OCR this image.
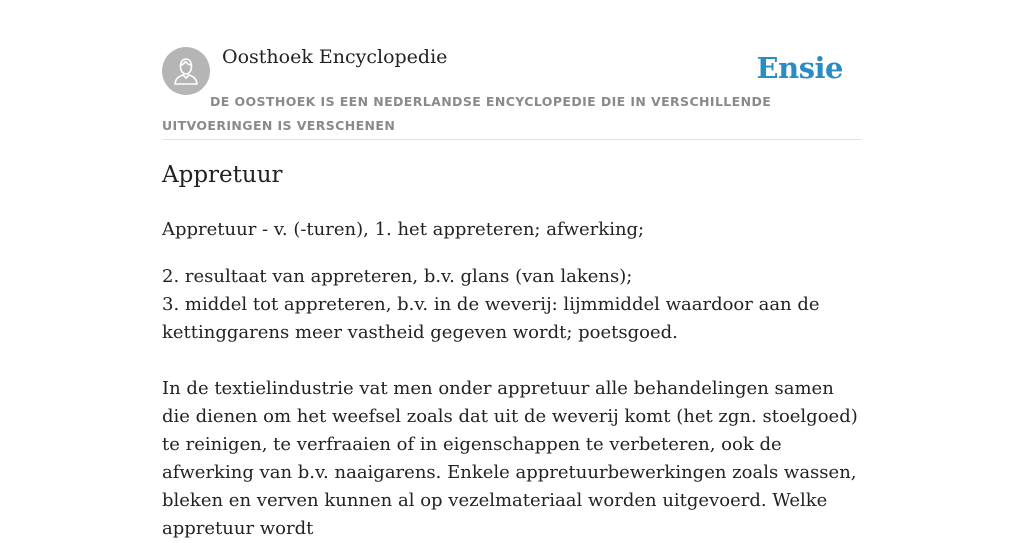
Oosthoek Encyclopedie	Ensie
DE OOSTHOEK IS EEN NEDERLANDSE ENCYCLOPEDIE DIE IN VERSCHILLENDE UITVOERINGEN IS VERSCHENEN
Appretuur

Appretuur - v. (-turen), 1. het appreteren; afwerking;

2. resultaat van appreteren, b.v. glans (van lakens);

3. middel tot appreteren, b.v. in de weverij: lijmmiddel waardoor aan de kettinggarens meer vastheid gegeven wordt; poetsgoed.

In de textielindustrie vat men onder appretuur alle behandelingen samen die dienen om het weefsel zoals dat uit de weverij komt (het zgn. stoelgoed) te reinigen, te verfraaien of in eigenschappen te verbeteren, ook de afwerking van b.v. naaigarens. Enkele appretuurbewerkingen zoals wassen, bleken en verven kunnen al op vezelmateriaal worden uitgevoerd. Welke appretuur wordt
